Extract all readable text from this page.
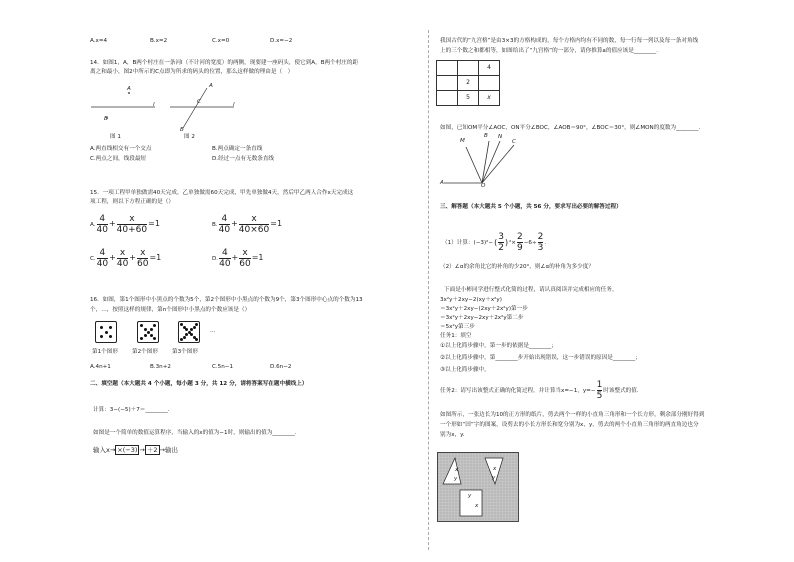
A.x=4	B.x=2	C.x=0	D.x=−2
14．如图1，A，B两个村庄在一条河l（不计河的宽度）的两侧，现要建一座码头，使它到A，B两个村庄的距
离之和最小，图2中所示的C点即为所求的码头的位置，那么这样做的理由是（　）
A
B
l
A
C
B
l
图 1	图 2
A.两直线相交有一个交点	B.两点确定一条直线
C.两点之间，线段最短	D.经过一点有无数条直线
15．一项工程甲单独做需40天完成，乙单独做需60天完成，甲先单独做4天，然后甲乙两人合作x天完成这
项工程，则以下方程正确的是（）
A. $\frac{4}{40} + \frac{x}{40+60} =1$	B. $\frac{4}{40} + \frac{x}{40\times 60} =1$
C. $\frac{4}{40} + \frac{x}{40} + \frac{x}{60} =1$	D. $\frac{4}{40} + \frac{x}{60} =1$
16．如图，第1个图形中小黑点的个数为5个，第2个图形中小黑点的个数为9个，第3个图形中心点的个数为13
个，…，按照这样的规律，第n个图形中小黑点的个数应该是（）
…
第1个图形	第2个图形	第3个图形
A.4n+1	B.3n+2	C.5n−1	D.6n−2
二、填空题（本大题共 4 个小题，每小题 3 分，共 12 分，请将答案写在题中横线上）
计算：3−(−5)＋7＝________.
如图是一个简单的数值运算程序，当输入的x的值为−1时，则输出的值为________.
输入x→ ×(−3) → ＋2 →输出
我国古代的“九宫格”是由3×3的方格构成的，每个方格内均有不同的数，每一行每一列以及每一条对角线
上的三个数之和都相等，如图给出了“九宫格”的一部分，请你推算a的值应该是________.
		4
	2	
	5	x
如图，已知OM平分∠AOC，ON平分∠BOC，∠AOB＝90°，∠BOC＝30°，则∠MON的度数为________.
M
B N
C
A	O
三、解答题（本大题共 5 个小题，共 56 分，要求写出必要的解答过程）
（1）计算：$(-3)^2-( \frac{3}{2} )^2\times \frac{2}{9} -6\div \frac{2}{3}$ .
（2）∠α的余角比它的补角的少20°，则∠α的补角为多少度？
下面是小彬同学进行整式化简的过程，请认真阅读并完成相应的任务。
3x²y＋2xy−2(xy＋x²y)
＝3x²y＋2xy−(2xy＋2x²y)第一步
＝3x²y＋2xy−2xy＋2x²y第二步
＝5x²y第三步
任务1：填空
①以上化简步骤中，第一步的依据是________；
②以上化简步骤中，第________步开始出现错误，这一步错误的原因是________；
③以上化简步骤中，
任务2：请写出该整式正确的化简过程，并计算当x=−1，$y=- \frac{1}{5}$ 时该整式的值.
如图所示，一张边长为10的正方形的纸片，剪去两个一样的小直角三角形和一个长方形，剩余部分刚好得到
一个形如“囯”字的图案，设剪去的小长方形长和宽分别为x，y，剪去的两个小直角三角形的两直角边也分
别为x，y.
x
y
x
y
y
x
